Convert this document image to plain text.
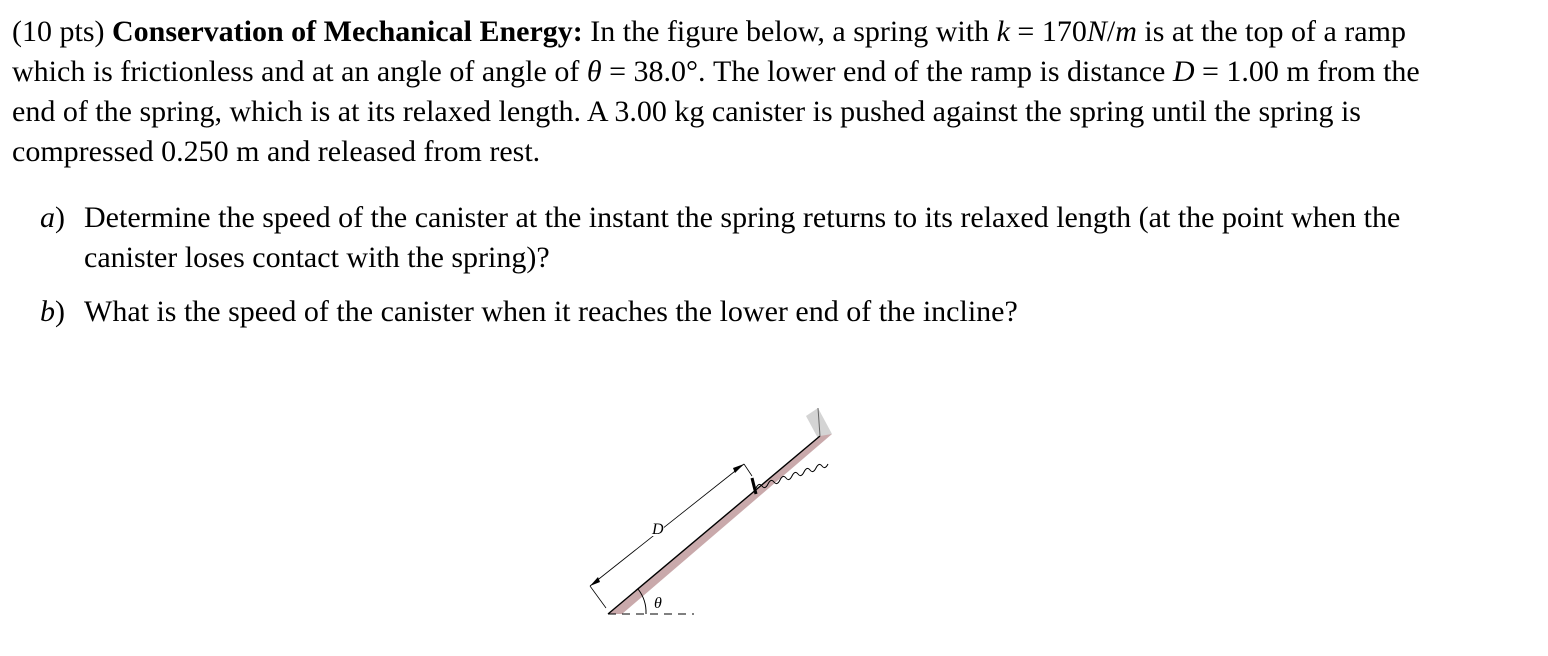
(10 pts) Conservation of Mechanical Energy: In the figure below, a spring with k = 170N/m is at the top of a ramp which is frictionless and at an angle of angle of θ = 38.0°. The lower end of the ramp is distance D = 1.00 m from the end of the spring, which is at its relaxed length. A 3.00 kg canister is pushed against the spring until the spring is compressed 0.250 m and released from rest.

a) Determine the speed of the canister at the instant the spring returns to its relaxed length (at the point when the canister loses contact with the spring)?
b) What is the speed of the canister when it reaches the lower end of the incline?
D
θ
